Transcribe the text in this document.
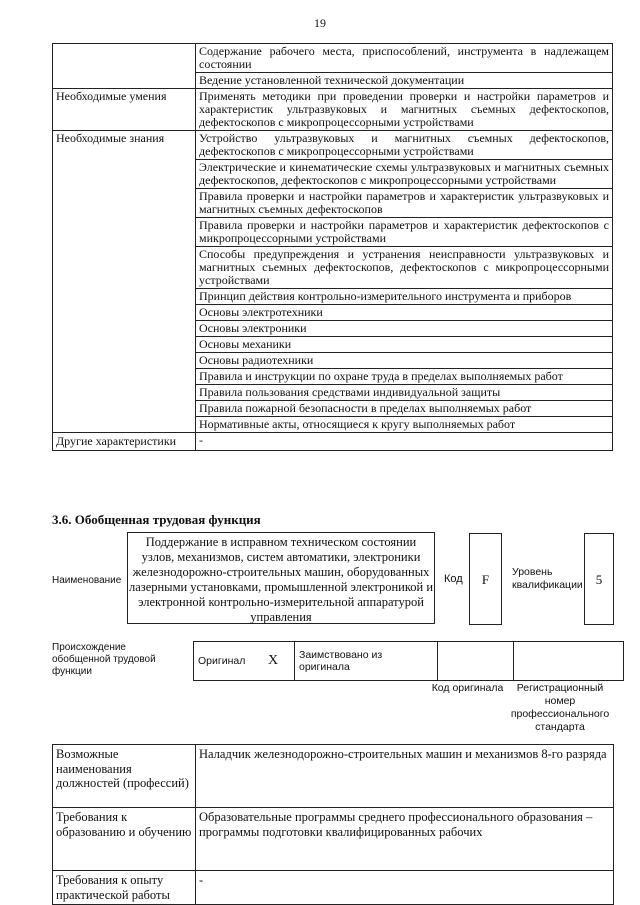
19
	Содержание рабочего места, приспособлений, инструмента в надлежащем состоянии
	Ведение установленной технической документации
Необходимые умения	Применять методики при проведении проверки и настройки параметров и характеристик ультразвуковых и магнитных съемных дефектоскопов, дефектоскопов с микропроцессорными устройствами
Необходимые знания	Устройство ультразвуковых и магнитных съемных дефектоскопов, дефектоскопов с микропроцессорными устройствами
	Электрические и кинематические схемы ультразвуковых и магнитных съемных дефектоскопов, дефектоскопов с микропроцессорными устройствами
	Правила проверки и настройки параметров и характеристик ультразвуковых и магнитных съемных дефектоскопов
	Правила проверки и настройки параметров и характеристик дефектоскопов с микропроцессорными устройствами
	Способы предупреждения и устранения неисправности ультразвуковых и магнитных съемных дефектоскопов, дефектоскопов с микропроцессорными устройствами
	Принцип действия контрольно-измерительного инструмента и приборов
	Основы электротехники
	Основы электроники
	Основы механики
	Основы радиотехники
	Правила и инструкции по охране труда в пределах выполняемых работ
	Правила пользования средствами индивидуальной защиты
	Правила пожарной безопасности в пределах выполняемых работ
	Нормативные акты, относящиеся к кругу выполняемых работ
Другие характеристики	-
3.6. Обобщенная трудовая функция
Наименование
Поддержание в исправном техническом состоянии узлов, механизмов, систем автоматики, электроники железнодорожно-строительных машин, оборудованных лазерными установками, промышленной электроникой и электронной контрольно-измерительной аппаратурой управления
Код	F	Уровень квалификации 5
Происхождение обобщенной трудовой функции
Оригинал	X	Заимствовано из оригинала		
Код оригинала	Регистрационный номер профессионального стандарта
Возможные наименования должностей (профессий)	Наладчик железнодорожно-строительных машин и механизмов 8-го разряда
Требования к образованию и обучению	Образовательные программы среднего профессионального образования – программы подготовки квалифицированных рабочих
Требования к опыту практической работы	-
